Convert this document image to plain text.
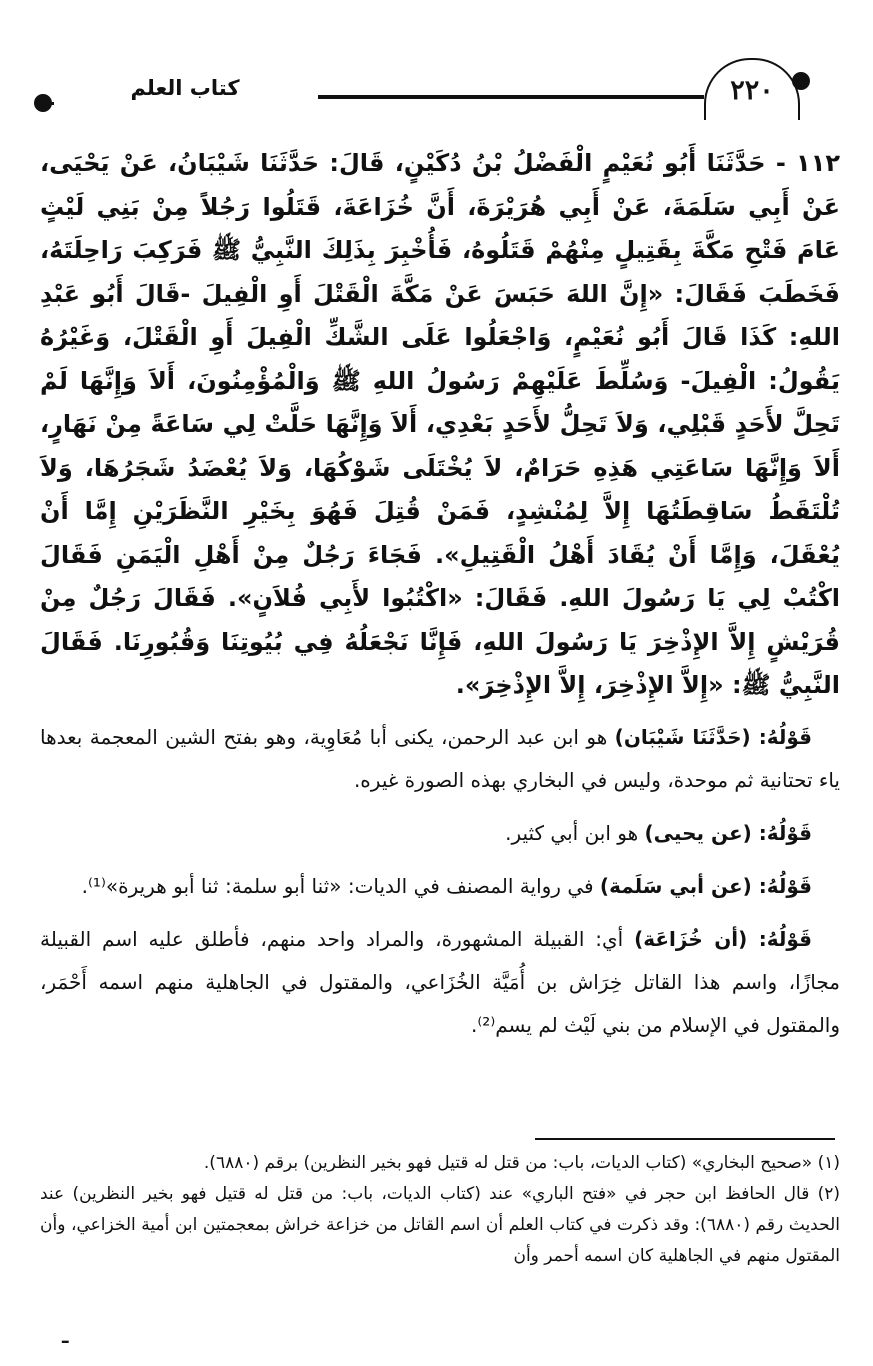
٢٢٠
كتاب العلم

١١٢ - حَدَّثَنَا أَبُو نُعَيْمٍ الْفَضْلُ بْنُ دُكَيْنٍ، قَالَ: حَدَّثَنَا شَيْبَانُ، عَنْ يَحْيَى، عَنْ أَبِي سَلَمَةَ، عَنْ أَبِي هُرَيْرَةَ، أَنَّ خُزَاعَةَ، قَتَلُوا رَجُلاً مِنْ بَنِي لَيْثٍ عَامَ فَتْحِ مَكَّةَ بِقَتِيلٍ مِنْهُمْ قَتَلُوهُ، فَأُخْبِرَ بِذَلِكَ النَّبِيُّ ﷺ فَرَكِبَ رَاحِلَتَهُ، فَخَطَبَ فَقَالَ: «إِنَّ اللهَ حَبَسَ عَنْ مَكَّةَ الْقَتْلَ أَوِ الْفِيلَ -قَالَ أَبُو عَبْدِ اللهِ: كَذَا قَالَ أَبُو نُعَيْمٍ، وَاجْعَلُوا عَلَى الشَّكِّ الْفِيلَ أَوِ الْقَتْلَ، وَغَيْرُهُ يَقُولُ: الْفِيلَ- وَسُلِّطَ عَلَيْهِمْ رَسُولُ اللهِ ﷺ وَالْمُؤْمِنُونَ، أَلاَ وَإِنَّهَا لَمْ تَحِلَّ لأَحَدٍ قَبْلِي، وَلاَ تَحِلُّ لأَحَدٍ بَعْدِي، أَلاَ وَإِنَّهَا حَلَّتْ لِي سَاعَةً مِنْ نَهَارٍ، أَلاَ وَإِنَّهَا سَاعَتِي هَذِهِ حَرَامٌ، لاَ يُخْتَلَى شَوْكُهَا، وَلاَ يُعْضَدُ شَجَرُهَا، وَلاَ تُلْتَقَطُ سَاقِطَتُهَا إِلاَّ لِمُنْشِدٍ، فَمَنْ قُتِلَ فَهُوَ بِخَيْرِ النَّظَرَيْنِ إِمَّا أَنْ يُعْقَلَ، وَإِمَّا أَنْ يُقَادَ أَهْلُ الْقَتِيلِ». فَجَاءَ رَجُلٌ مِنْ أَهْلِ الْيَمَنِ فَقَالَ اكْتُبْ لِي يَا رَسُولَ اللهِ. فَقَالَ: «اكْتُبُوا لأَبِي فُلاَنٍ». فَقَالَ رَجُلٌ مِنْ قُرَيْشٍ إِلاَّ الإِذْخِرَ يَا رَسُولَ اللهِ، فَإِنَّا نَجْعَلُهُ فِي بُيُوتِنَا وَقُبُورِنَا. فَقَالَ النَّبِيُّ ﷺ: «إِلاَّ الإِذْخِرَ، إِلاَّ الإِذْخِرَ».

قَوْلُهُ: (حَدَّثَنَا شَيْبَان) هو ابن عبد الرحمن، يكنى أبا مُعَاوِية، وهو بفتح الشين المعجمة بعدها ياء تحتانية ثم موحدة، وليس في البخاري بهذه الصورة غيره.

قَوْلُهُ: (عن يحيى) هو ابن أبي كثير.

قَوْلُهُ: (عن أبي سَلَمة) في رواية المصنف في الديات: «ثنا أبو سلمة: ثنا أبو هريرة»⁽¹⁾.

قَوْلُهُ: (أن خُزَاعَة) أي: القبيلة المشهورة، والمراد واحد منهم، فأطلق عليه اسم القبيلة مجازًا، واسم هذا القاتل خِرَاش بن أُمَيَّة الخُزَاعي، والمقتول في الجاهلية منهم اسمه أَحْمَر، والمقتول في الإسلام من بني لَيْث لم يسم⁽²⁾.

(١) «صحيح البخاري» (كتاب الديات، باب: من قتل له قتيل فهو بخير النظرين) برقم (٦٨٨٠).

(٢) قال الحافظ ابن حجر في «فتح الباري» عند (كتاب الديات، باب: من قتل له قتيل فهو بخير النظرين) عند الحديث رقم (٦٨٨٠): وقد ذكرت في كتاب العلم أن اسم القاتل من خزاعة خراش بمعجمتين ابن أمية الخزاعي، وأن المقتول منهم في الجاهلية كان اسمه أحمر وأن

ـ
